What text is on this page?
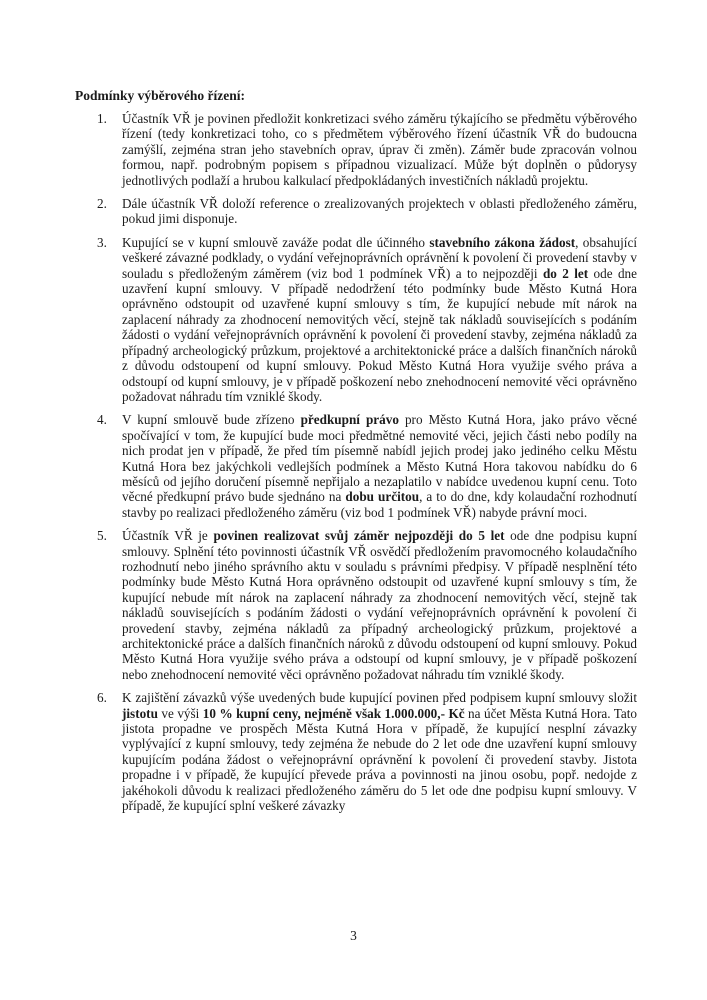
Podmínky výběrového řízení:

1.	Účastník VŘ je povinen předložit konkretizaci svého záměru týkajícího se předmětu výběrového řízení (tedy konkretizaci toho, co s předmětem výběrového řízení účastník VŘ do budoucna zamýšlí, zejména stran jeho stavebních oprav, úprav či změn). Záměr bude zpracován volnou formou, např. podrobným popisem s případnou vizualizací. Může být doplněn o půdorysy jednotlivých podlaží a hrubou kalkulací předpokládaných investičních nákladů projektu.

2.	Dále účastník VŘ doloží reference o zrealizovaných projektech v oblasti předloženého záměru, pokud jimi disponuje.

3.	Kupující se v kupní smlouvě zaváže podat dle účinného stavebního zákona žádost, obsahující veškeré závazné podklady, o vydání veřejnoprávních oprávnění k povolení či provedení stavby v souladu s předloženým záměrem (viz bod 1 podmínek VŘ) a to nejpozději do 2 let ode dne uzavření kupní smlouvy. V případě nedodržení této podmínky bude Město Kutná Hora oprávněno odstoupit od uzavřené kupní smlouvy s tím, že kupující nebude mít nárok na zaplacení náhrady za zhodnocení nemovitých věcí, stejně tak nákladů souvisejících s podáním žádosti o vydání veřejnoprávních oprávnění k povolení či provedení stavby, zejména nákladů za případný archeologický průzkum, projektové a architektonické práce a dalších finančních nároků z důvodu odstoupení od kupní smlouvy. Pokud Město Kutná Hora využije svého práva a odstoupí od kupní smlouvy, je v případě poškození nebo znehodnocení nemovité věci oprávněno požadovat náhradu tím vzniklé škody.

4.	V kupní smlouvě bude zřízeno předkupní právo pro Město Kutná Hora, jako právo věcné spočívající v tom, že kupující bude moci předmětné nemovité věci, jejich části nebo podíly na nich prodat jen v případě, že před tím písemně nabídl jejich prodej jako jediného celku Městu Kutná Hora bez jakýchkoli vedlejších podmínek a Město Kutná Hora takovou nabídku do 6 měsíců od jejího doručení písemně nepřijalo a nezaplatilo v nabídce uvedenou kupní cenu. Toto věcné předkupní právo bude sjednáno na dobu určitou, a to do dne, kdy kolaudační rozhodnutí stavby po realizaci předloženého záměru (viz bod 1 podmínek VŘ) nabyde právní moci.

5.	Účastník VŘ je povinen realizovat svůj záměr nejpozději do 5 let ode dne podpisu kupní smlouvy. Splnění této povinnosti účastník VŘ osvědčí předložením pravomocného kolaudačního rozhodnutí nebo jiného správního aktu v souladu s právními předpisy. V případě nesplnění této podmínky bude Město Kutná Hora oprávněno odstoupit od uzavřené kupní smlouvy s tím, že kupující nebude mít nárok na zaplacení náhrady za zhodnocení nemovitých věcí, stejně tak nákladů souvisejících s podáním žádosti o vydání veřejnoprávních oprávnění k povolení či provedení stavby, zejména nákladů za případný archeologický průzkum, projektové a architektonické práce a dalších finančních nároků z důvodu odstoupení od kupní smlouvy. Pokud Město Kutná Hora využije svého práva a odstoupí od kupní smlouvy, je v případě poškození nebo znehodnocení nemovité věci oprávněno požadovat náhradu tím vzniklé škody.

6.	K zajištění závazků výše uvedených bude kupující povinen před podpisem kupní smlouvy složit jistotu ve výši 10 % kupní ceny, nejméně však 1.000.000,- Kč na účet Města Kutná Hora. Tato jistota propadne ve prospěch Města Kutná Hora v případě, že kupující nesplní závazky vyplývající z kupní smlouvy, tedy zejména že nebude do 2 let ode dne uzavření kupní smlouvy kupujícím podána žádost o veřejnoprávní oprávnění k povolení či provedení stavby. Jistota propadne i v případě, že kupující převede práva a povinnosti na jinou osobu, popř. nedojde z jakéhokoli důvodu k realizaci předloženého záměru do 5 let ode dne podpisu kupní smlouvy. V případě, že kupující splní veškeré závazky

3
